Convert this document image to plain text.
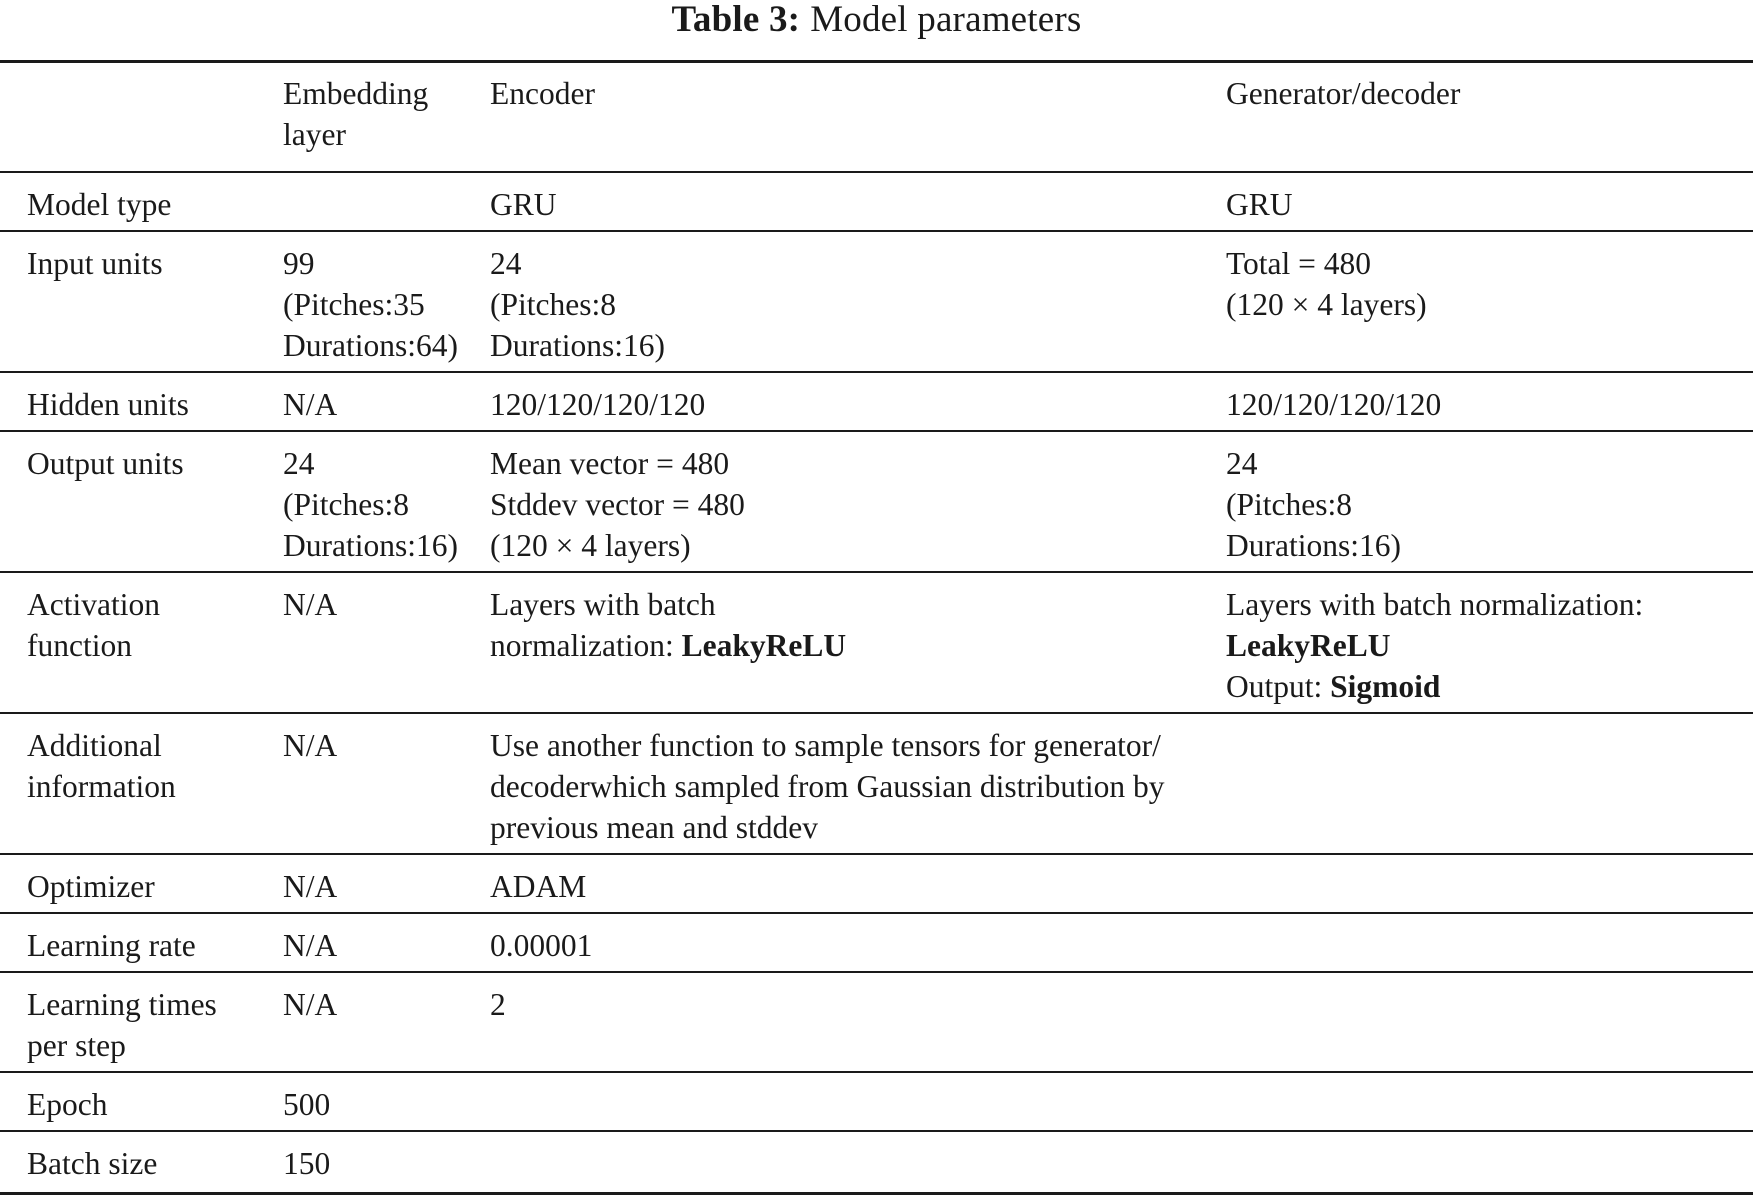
Table 3: Model parameters

	Embedding
layer	Encoder	Generator/decoder
Model type		GRU	GRU
Input units	99
(Pitches:35
Durations:64)	24
(Pitches:8
Durations:16)	Total = 480
(120 × 4 layers)

Hidden units	N/A	120/120/120/120	120/120/120/120
Output units	24
(Pitches:8
Durations:16)	Mean vector = 480
Stddev vector = 480
(120 × 4 layers)	24
(Pitches:8
Durations:16)

Activation
function	N/A	Layers with batch
normalization: LeakyReLU	Layers with batch normalization:
LeakyReLU
Output: Sigmoid

Additional
information	N/A	Use another function to sample tensors for generator/
decoderwhich sampled from Gaussian distribution by
previous mean and stddev	

Optimizer	N/A	ADAM	
Learning rate	N/A	0.00001	

Learning times
per step	N/A	2	
Epoch	500		
Batch size	150		
